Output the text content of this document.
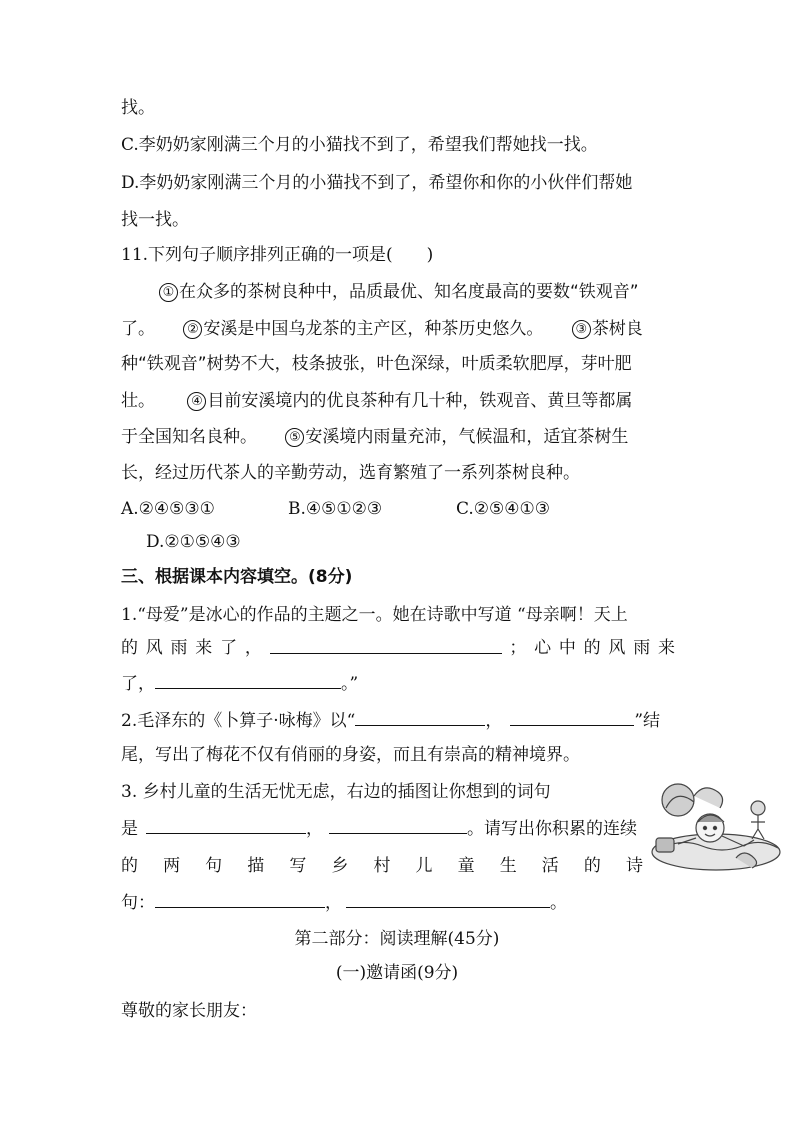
找。
C.李奶奶家刚满三个月的小猫找不到了，希望我们帮她找一找。
D.李奶奶家刚满三个月的小猫找不到了，希望你和你的小伙伴们帮她
找一找。
11.下列句子顺序排列正确的一项是(　　)
① 在众多的茶树良种中，品质最优、知名度最高的要数“铁观音”
了。 ② 安溪是中国乌龙茶的主产区，种茶历史悠久。 ③ 茶树良
种“铁观音”树势不大，枝条披张，叶色深绿，叶质柔软肥厚，芽叶肥
壮。	④ 目前安溪境内的优良茶种有几十种，铁观音、黄旦等都属
于全国知名良种。 ⑤ 安溪境内雨量充沛，气候温和，适宜茶树生
长，经过历代茶人的辛勤劳动，选育繁殖了一系列茶树良种。
A.②④⑤③①	B.④⑤①②③	C.②⑤④①③
D.②①⑤④③
三、根据课本内容填空。(8分)
1.“母爱”是冰心的作品的主题之一。她在诗歌中写道 “母亲啊！天上
的 风 雨 来 了 ，	； 心 中 的 风 雨 来
了，	。”
2.毛泽东的《卜算子·咏梅》以“	，	”结
尾，写出了梅花不仅有俏丽的身姿，而且有崇高的精神境界。
3. 乡村儿童的生活无忧无虑，右边的插图让你想到的词句
是	，	。请写出你积累的连续
的 两 句 描 写 乡 村 儿 童 生 活 的 诗
句：	，	。
第二部分：阅读理解(45分)
(一)邀请函(9分)
尊敬的家长朋友：
